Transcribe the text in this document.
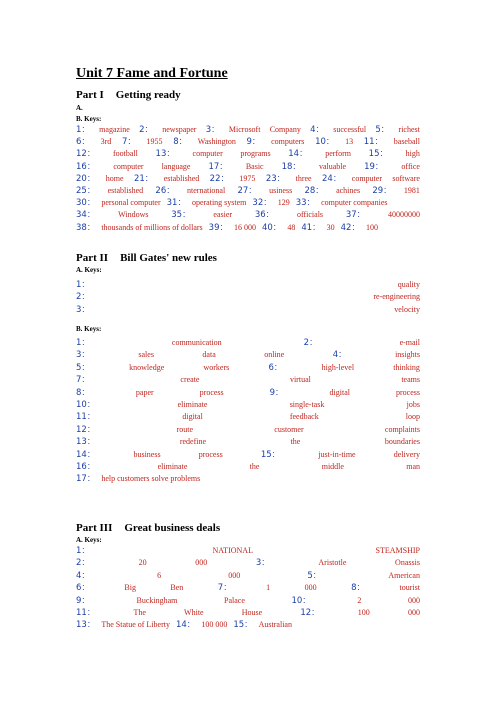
Unit 7 Fame and Fortune
Part I Getting ready
A.
B. Keys:
1： magazine 2： newspaper 3： Microsoft Company 4： successful 5： richest
6： 3rd 7： 1955 8： Washington 9： computers 10： 13 11： baseball
12： football 13： computer programs 14： perform 15： high
16： computer language 17： Basic 18： valuable 19： office
20： home 21： established 22： 1975 23： three 24： computer software
25： established 26： nternational 27： usiness 28： achines 29： 1981
30： personal computer 31： operating system 32： 129 33： computer companies
34：	Windows	35：	easier	36：	officials	37：	40000000
38： thousands of millions of dollars 39： 16 000 40： 48 41： 30 42： 100
Part II Bill Gates' new rules
A. Keys:
1：	quality
2：	re-engineering
3：	velocity
B. Keys:
1：	communication	2：	e-mail
3：	sales	data	online	4：	insights
5：	knowledge	workers	6：	high-level	thinking
7：	create	virtual	teams
8：	paper	process	9：	digital	process
10：	eliminate	single-task	jobs
11：	digital	feedback	loop
12：	route	customer	complaints
13：	redefine	the	boundaries
14：	business	process	15：	just-in-time	delivery
16：	eliminate	the	middle	man
17： help customers solve problems
Part III Great business deals
A. Keys:
1：	NATIONAL	STEAMSHIP
2：	20	000	3：	Aristotle	Onassis
4：	6	000	5：	American
6：	Big	Ben	7：	1	000	8：	tourist
9：	Buckingham	Palace	10：	2	000
11：	The	White	House	12：	100	000
13： The Statue of Liberty 14： 100 000 15： Australian
